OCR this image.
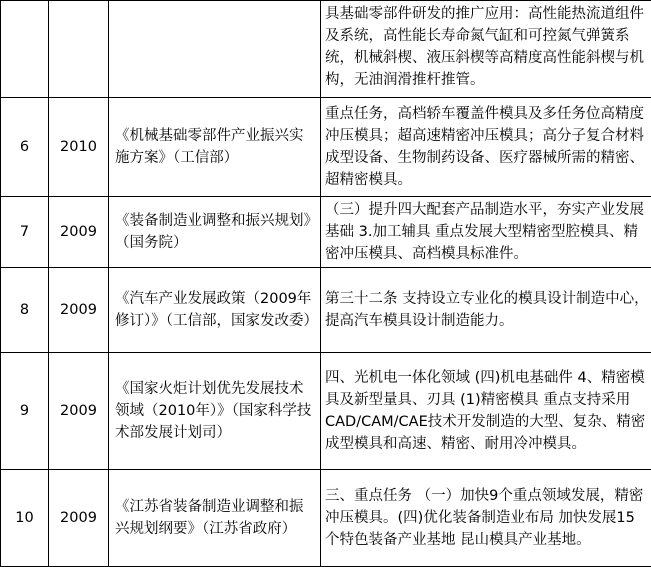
			具基础零部件研发的推广应用：高性能热流道组件及系统，高性能长寿命氮气缸和可控氮气弹簧系统，机械斜楔、液压斜楔等高精度高性能斜楔与机构，无油润滑推杆推管。
6	2010	《机械基础零部件产业振兴实施方案》（工信部）	重点任务，高档轿车覆盖件模具及多任务位高精度冲压模具；超高速精密冲压模具；高分子复合材料成型设备、生物制药设备、医疗器械所需的精密、超精密模具。
7	2009	《装备制造业调整和振兴规划》（国务院）	（三）提升四大配套产品制造水平，夯实产业发展基础 3.加工辅具 重点发展大型精密型腔模具、精密冲压模具、高档模具标准件。
8	2009	《汽车产业发展政策（2009年修订）》（工信部，国家发改委）	第三十二条 支持设立专业化的模具设计制造中心，提高汽车模具设计制造能力。
9	2009	《国家火炬计划优先发展技术领域（2010年）》（国家科学技术部发展计划司）	四、光机电一体化领域 (四)机电基础件 4、精密模具及新型量具、刃具 (1)精密模具 重点支持采用CAD/CAM/CAE技术开发制造的大型、复杂、精密成型模具和高速、精密、耐用冷冲模具。
10	2009	《江苏省装备制造业调整和振兴规划纲要》（江苏省政府）	三、重点任务 （一）加快9个重点领域发展，精密冲压模具。(四)优化装备制造业布局 加快发展15个特色装备产业基地 昆山模具产业基地。
